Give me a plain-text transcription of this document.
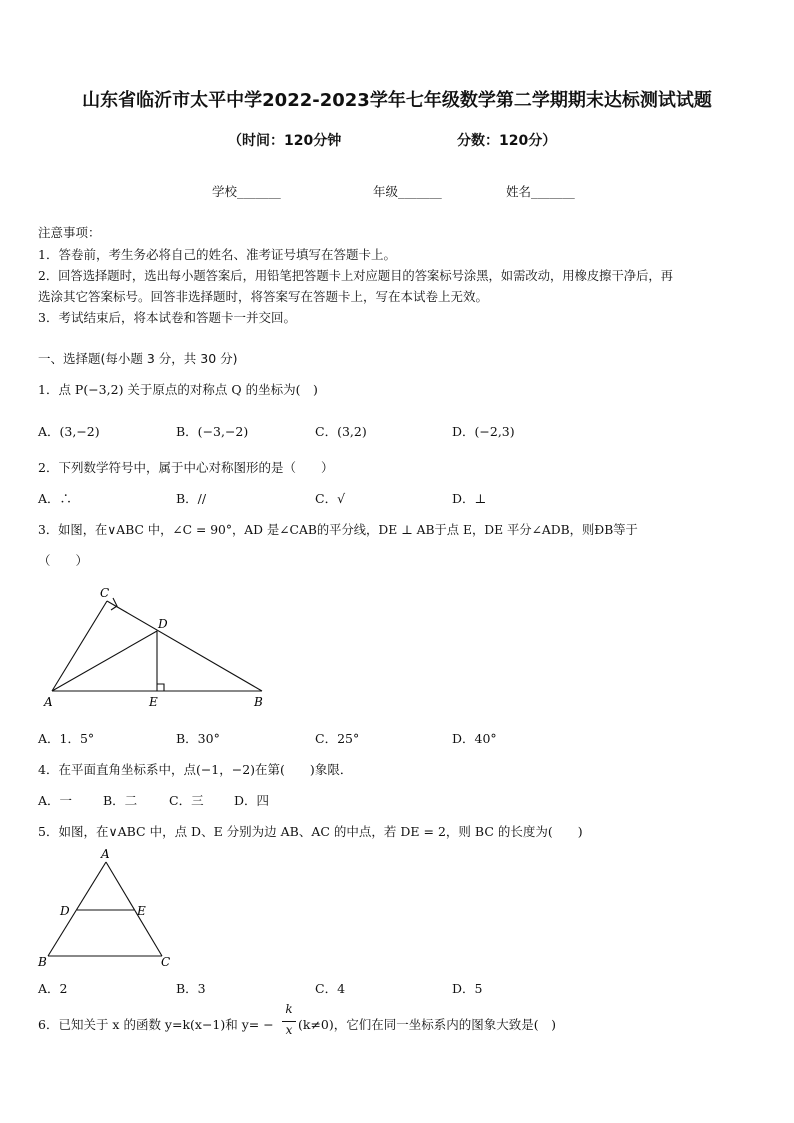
山东省临沂市太平中学2022-2023学年七年级数学第二学期期末达标测试试题
（时间：120分钟	分数：120分）
学校_______	年级_______	姓名_______
注意事项：
1．答卷前，考生务必将自己的姓名、准考证号填写在答题卡上。
2．回答选择题时，选出每小题答案后，用铅笔把答题卡上对应题目的答案标号涂黑，如需改动，用橡皮擦干净后，再
选涂其它答案标号。回答非选择题时，将答案写在答题卡上，写在本试卷上无效。
3．考试结束后，将本试卷和答题卡一并交回。
一、选择题(每小题 3 分，共 30 分)
1．点 P(−3,2) 关于原点的对称点 Q 的坐标为(　)
A．(3,−2)	B．(−3,−2)	C．(3,2)	D．(−2,3)
2．下列数学符号中，属于中心对称图形的是（　　）
A．∴	B．//	C．√	D．⊥
3．如图，在∨ABC 中，∠C = 90°，AD 是∠CAB的平分线，DE ⊥ AB于点 E，DE 平分∠ADB，则ÐB等于
（　　）
C
D
A	E	B
A．1．5°	B．30°	C．25°	D．40°
4．在平面直角坐标系中，点(−1，−2)在第(　　)象限．
A．一 B．二	C．三 D．四
5．如图，在∨ABC 中，点 D、E 分别为边 AB、AC 的中点，若 DE = 2，则 BC 的长度为(　　)
A
D	E
B	C
A．2	B．3	C．4	D．5
6．已知关于 x 的函数 y=k(x−1)和 y= −
k
x (k≠0)，它们在同一坐标系内的图象大致是(　)
